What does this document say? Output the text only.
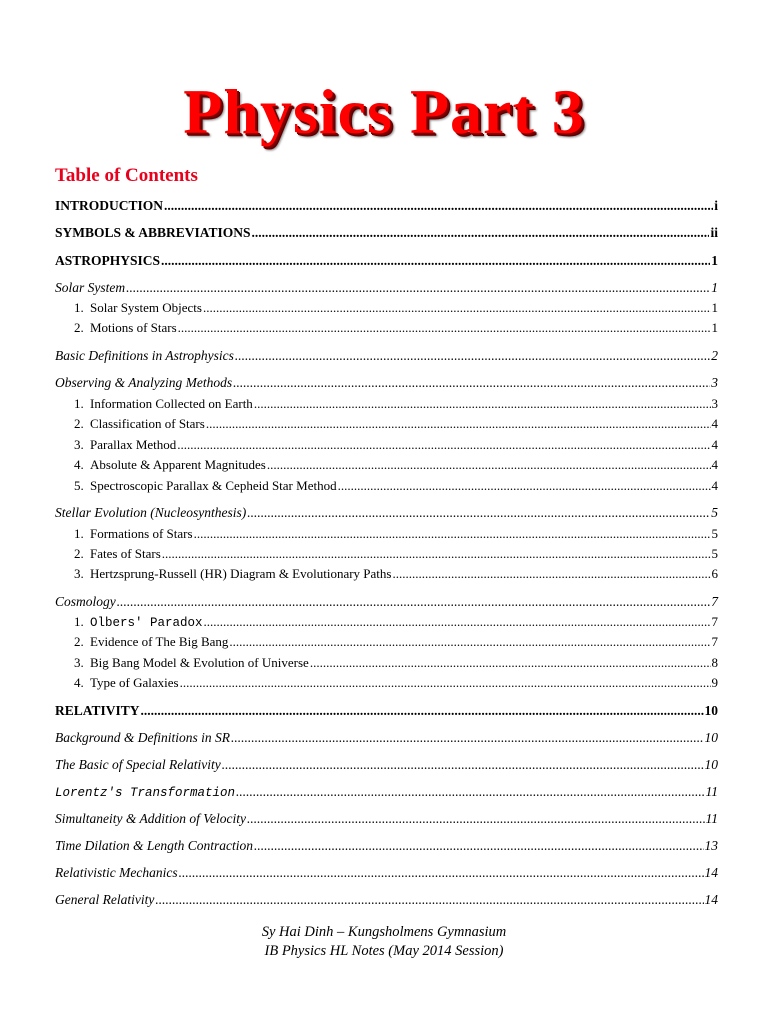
Physics Part 3
Table of Contents
INTRODUCTION .....	i
SYMBOLS & ABBREVIATIONS .....	ii
ASTROPHYSICS .....	1
Solar System .....	1
1. Solar System Objects .....	1
2. Motions of Stars .....	1
Basic Definitions in Astrophysics .....	2
Observing & Analyzing Methods .....	3
1. Information Collected on Earth .....	3
2. Classification of Stars .....	4
3. Parallax Method .....	4
4. Absolute & Apparent Magnitudes .....	4
5. Spectroscopic Parallax & Cepheid Star Method .....	4
Stellar Evolution (Nucleosynthesis) .....	5
1. Formations of Stars .....	5
2. Fates of Stars .....	5
3. Hertzsprung-Russell (HR) Diagram & Evolutionary Paths .....	6
Cosmology .....	7
1. Olbers' Paradox .....	7
2. Evidence of The Big Bang .....	7
3. Big Bang Model & Evolution of Universe .....	8
4. Type of Galaxies .....	9
RELATIVITY .....	10
Background & Definitions in SR .....	10
The Basic of Special Relativity .....	10
Lorentz's Transformation .....	11
Simultaneity & Addition of Velocity .....	11
Time Dilation & Length Contraction .....	13
Relativistic Mechanics .....	14
General Relativity .....	14
Sy Hai Dinh – Kungsholmens Gymnasium
IB Physics HL Notes (May 2014 Session)
